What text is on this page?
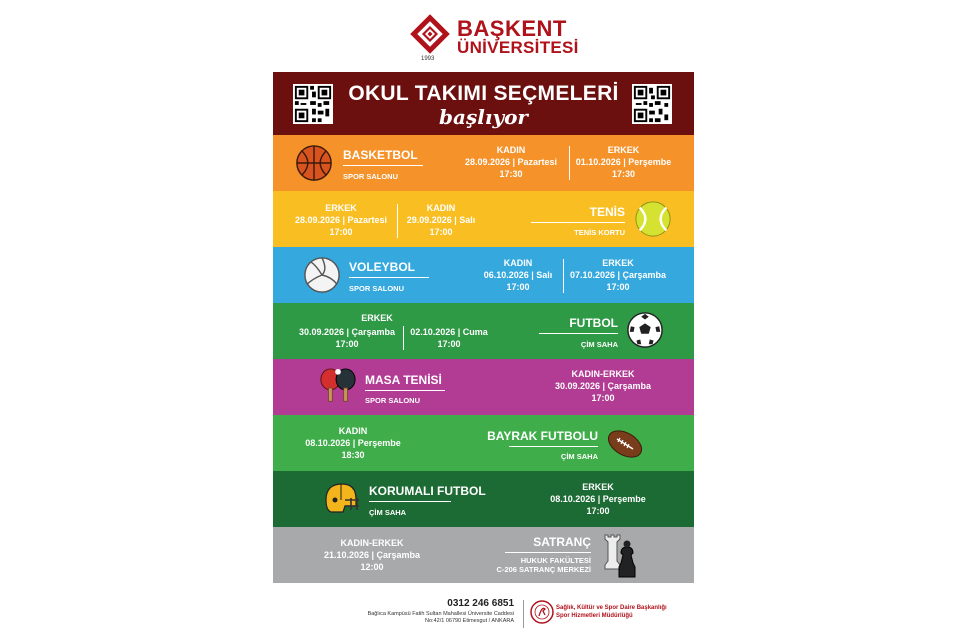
BAŞKENT
ÜNİVERSİTESİ
1993
OKUL TAKIMI SEÇMELERİ
başlıyor
BASKETBOL
SPOR SALONU
KADIN
28.09.2026 | Pazartesi
17:30
ERKEK
01.10.2026 | Perşembe
17:30
ERKEK
28.09.2026 | Pazartesi
17:00
KADIN
29.09.2026 | Salı
17:00
TENİS
TENİS KORTU
VOLEYBOL
SPOR SALONU
KADIN
06.10.2026 | Salı
17:00
ERKEK
07.10.2026 | Çarşamba
17:00
ERKEK
30.09.2026 | Çarşamba
17:00
02.10.2026 | Cuma
17:00
FUTBOL
ÇİM SAHA
MASA TENİSİ
SPOR SALONU
KADIN-ERKEK
30.09.2026 | Çarşamba
17:00
KADIN
08.10.2026 | Perşembe
18:30
BAYRAK FUTBOLU
ÇİM SAHA
KORUMALI FUTBOL
ÇİM SAHA
ERKEK
08.10.2026 | Perşembe
17:00
KADIN-ERKEK
21.10.2026 | Çarşamba
12:00
SATRANÇ
HUKUK FAKÜLTESİ
C-206 SATRANÇ MERKEZİ
0312 246 6851
Bağlıca Kampüsü Fatih Sultan Mahallesi Üniversite Caddesi
No:42/1 06790 Etimesgut / ANKARA
Sağlık, Kültür ve Spor Daire Başkanlığı
Spor Hizmetleri Müdürlüğü
